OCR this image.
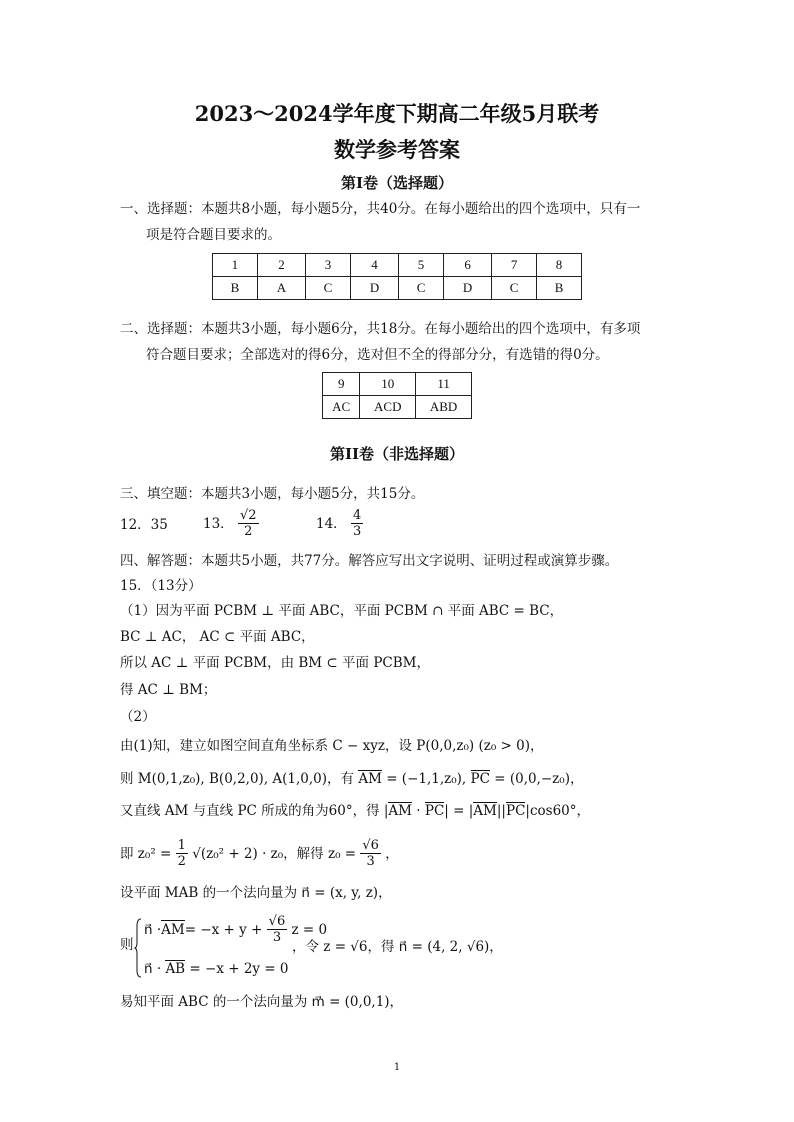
2023～2024学年度下期高二年级5月联考
数学参考答案
第I卷（选择题）
一、选择题：本题共8小题，每小题5分，共40分。在每小题给出的四个选项中，只有一
项是符合题目要求的。
1	2	3	4	5	6	7	8
B	A	C	D	C	D	C	B
二、选择题：本题共3小题，每小题6分，共18分。在每小题给出的四个选项中，有多项
符合题目要求；全部选对的得6分，选对但不全的得部分分，有选错的得0分。
9	10	11
AC	ACD	ABD
第II卷（非选择题）
三、填空题：本题共3小题，每小题5分，共15分。
12．35	13． $\frac{√2}{2}$	14． $\frac{4}{3}$
四、解答题：本题共5小题，共77分。解答应写出文字说明、证明过程或演算步骤。
15．（13分）
（1）因为平面 PCBM ⊥ 平面 ABC，平面 PCBM ∩ 平面 ABC = BC，
BC ⊥ AC， AC ⊂ 平面 ABC，
所以 AC ⊥ 平面 PCBM，由 BM ⊂ 平面 PCBM，
得 AC ⊥ BM；
（2）
由(1)知，建立如图空间直角坐标系 C − xyz，设 P(0,0,z₀) (z₀ > 0)，
则 M(0,1,z₀), B(0,2,0), A(1,0,0)，有 AM = (−1,1,z₀), PC = (0,0,−z₀)，
又直线 AM 与直线 PC 所成的角为60°，得 |AM · PC| = |AM||PC|cos60°，
即 $z_0^2 = \frac{1}{2} √(z_0^2 + 2) \cdot z_0$，解得 $z_0 = \frac{√6}{3}$ ，
设平面 MAB 的一个法向量为 n⃗ = (x, y, z)，
则
n⃗ $\cdot AM= -x + y + \frac{√6}{3}$ z = 0
，令 z = √6，得 n⃗ = (4, 2, √6)，
n⃗ · AB = −x + 2y = 0
易知平面 ABC 的一个法向量为 m⃗ = (0,0,1)，
1
